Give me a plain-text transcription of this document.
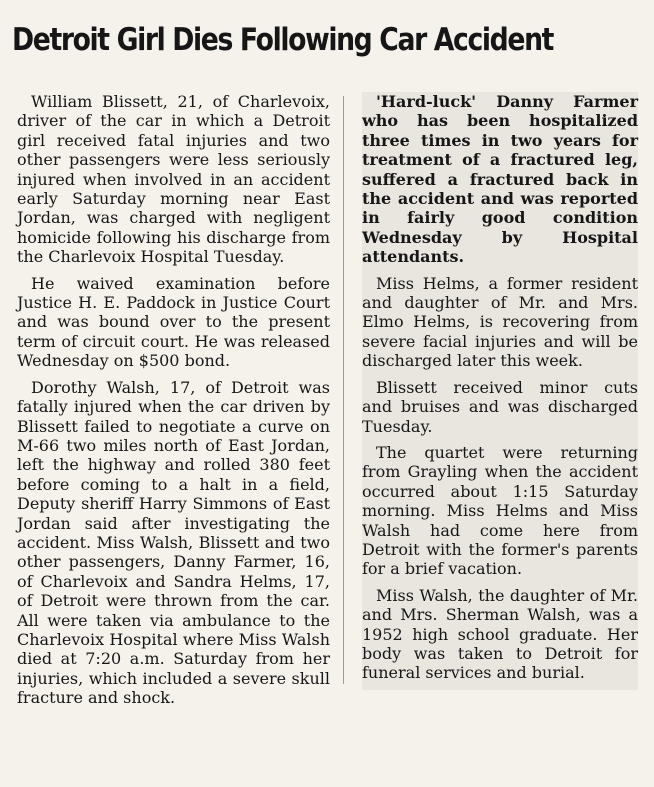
Detroit Girl Dies Following Car Accident

William Blissett, 21, of Charlevoix, driver of the car in which a Detroit girl received fatal injuries and two other passengers were less seriously injured when involved in an accident early Saturday morning near East Jordan, was charged with negligent homicide following his discharge from the Charlevoix Hospital Tuesday.

He waived examination before Justice H. E. Paddock in Justice Court and was bound over to the present term of circuit court. He was released Wednesday on $500 bond.

Dorothy Walsh, 17, of Detroit was fatally injured when the car driven by Blissett failed to negotiate a curve on M-66 two miles north of East Jordan, left the highway and rolled 380 feet before coming to a halt in a field, Deputy sheriff Harry Simmons of East Jordan said after investigating the accident. Miss Walsh, Blissett and two other passengers, Danny Farmer, 16, of Charlevoix and Sandra Helms, 17, of Detroit were thrown from the car. All were taken via ambulance to the Charlevoix Hospital where Miss Walsh died at 7:20 a.m. Saturday from her injuries, which included a severe skull fracture and shock.

'Hard-luck' Danny Farmer who has been hospitalized three times in two years for treatment of a fractured leg, suffered a fractured back in the accident and was reported in fairly good condition Wednesday by Hospital attendants.

Miss Helms, a former resident and daughter of Mr. and Mrs. Elmo Helms, is recovering from severe facial injuries and will be discharged later this week.

Blissett received minor cuts and bruises and was discharged Tuesday.

The quartet were returning from Grayling when the accident occurred about 1:15 Saturday morning. Miss Helms and Miss Walsh had come here from Detroit with the former's parents for a brief vacation.

Miss Walsh, the daughter of Mr. and Mrs. Sherman Walsh, was a 1952 high school graduate. Her body was taken to Detroit for funeral services and burial.
